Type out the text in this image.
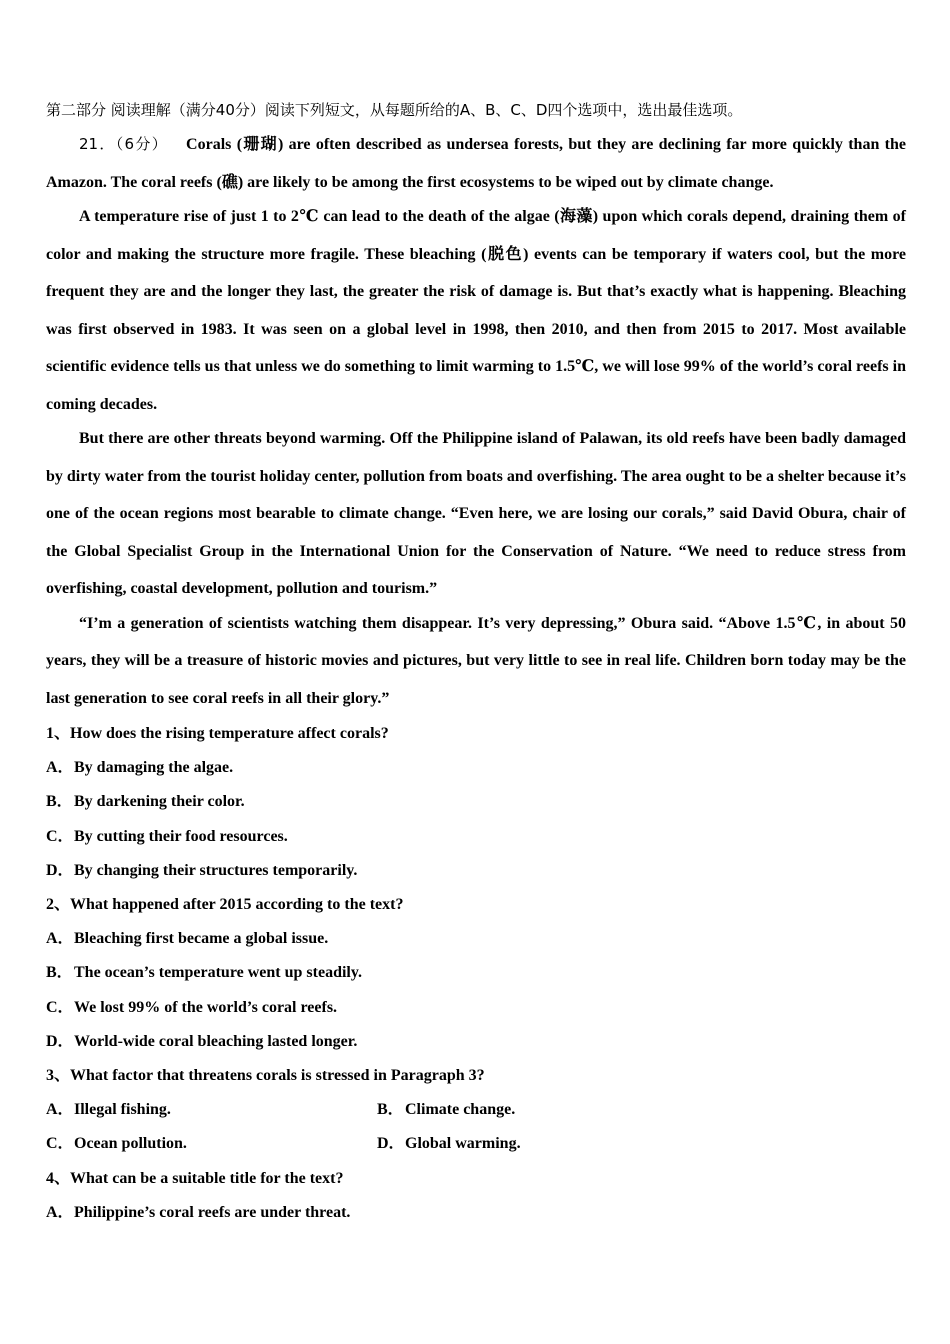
第二部分 阅读理解（满分40分）阅读下列短文，从每题所给的A、B、C、D四个选项中，选出最佳选项。

21．（6分） Corals (珊瑚) are often described as undersea forests, but they are declining far more quickly than the Amazon. The coral reefs (礁) are likely to be among the first ecosystems to be wiped out by climate change.

A temperature rise of just 1 to 2℃ can lead to the death of the algae (海藻) upon which corals depend, draining them of color and making the structure more fragile. These bleaching (脱色) events can be temporary if waters cool, but the more frequent they are and the longer they last, the greater the risk of damage is. But that’s exactly what is happening. Bleaching was first observed in 1983. It was seen on a global level in 1998, then 2010, and then from 2015 to 2017. Most available scientific evidence tells us that unless we do something to limit warming to 1.5℃, we will lose 99% of the world’s coral reefs in coming decades.

But there are other threats beyond warming. Off the Philippine island of Palawan, its old reefs have been badly damaged by dirty water from the tourist holiday center, pollution from boats and overfishing. The area ought to be a shelter because it’s one of the ocean regions most bearable to climate change. “Even here, we are losing our corals,” said David Obura, chair of the Global Specialist Group in the International Union for the Conservation of Nature. “We need to reduce stress from overfishing, coastal development, pollution and tourism.”

“I’m a generation of scientists watching them disappear. It’s very depressing,” Obura said. “Above 1.5℃, in about 50 years, they will be a treasure of historic movies and pictures, but very little to see in real life. Children born today may be the last generation to see coral reefs in all their glory.”

1、How does the rising temperature affect corals?

A．By damaging the algae.

B．By darkening their color.

C．By cutting their food resources.

D．By changing their structures temporarily.

2、What happened after 2015 according to the text?

A．Bleaching first became a global issue.

B．The ocean’s temperature went up steadily.

C．We lost 99% of the world’s coral reefs.

D．World-wide coral bleaching lasted longer.

3、What factor that threatens corals is stressed in Paragraph 3?

A．Illegal fishing.	B．Climate change.
C．Ocean pollution.	D．Global warming.

4、What can be a suitable title for the text?

A．Philippine’s coral reefs are under threat.
